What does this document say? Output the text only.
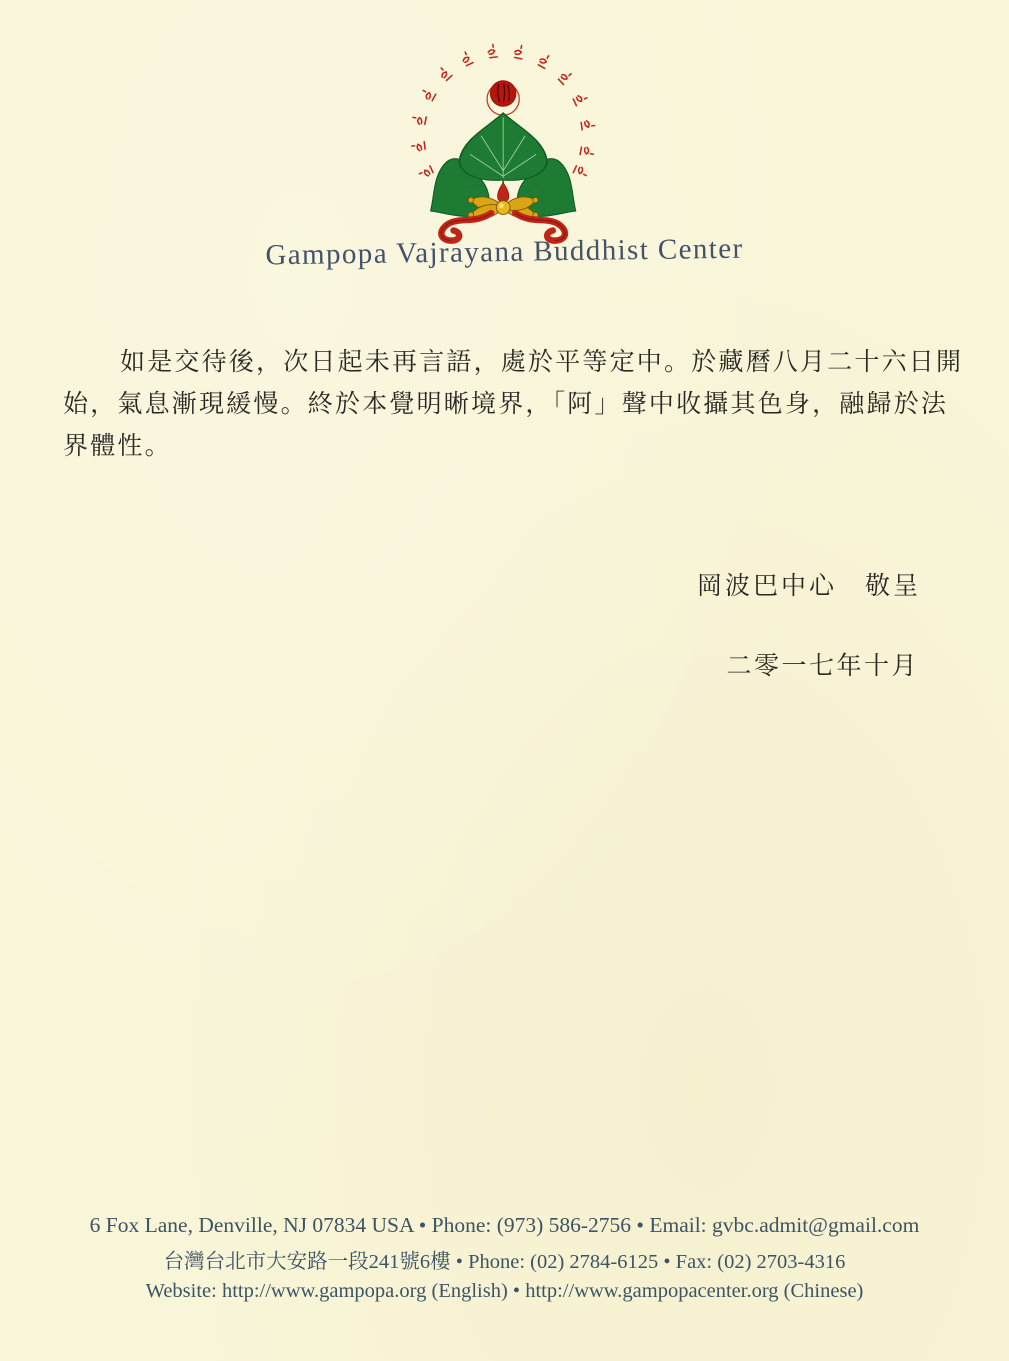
Gampopa Vajrayana Buddhist Center
如是交待後，次日起未再言語，處於平等定中。於藏曆八月二十六日開
始，氣息漸現緩慢。終於本覺明晰境界，「阿」聲中收攝其色身，融歸於法
界體性。
岡波巴中心　敬呈
二零一七年十月
6 Fox Lane, Denville, NJ 07834 USA • Phone: (973) 586-2756 • Email: gvbc.admit@gmail.com
台灣台北市大安路一段241號6樓 • Phone: (02) 2784-6125 • Fax: (02) 2703-4316
Website: http://www.gampopa.org (English) • http://www.gampopacenter.org (Chinese)
